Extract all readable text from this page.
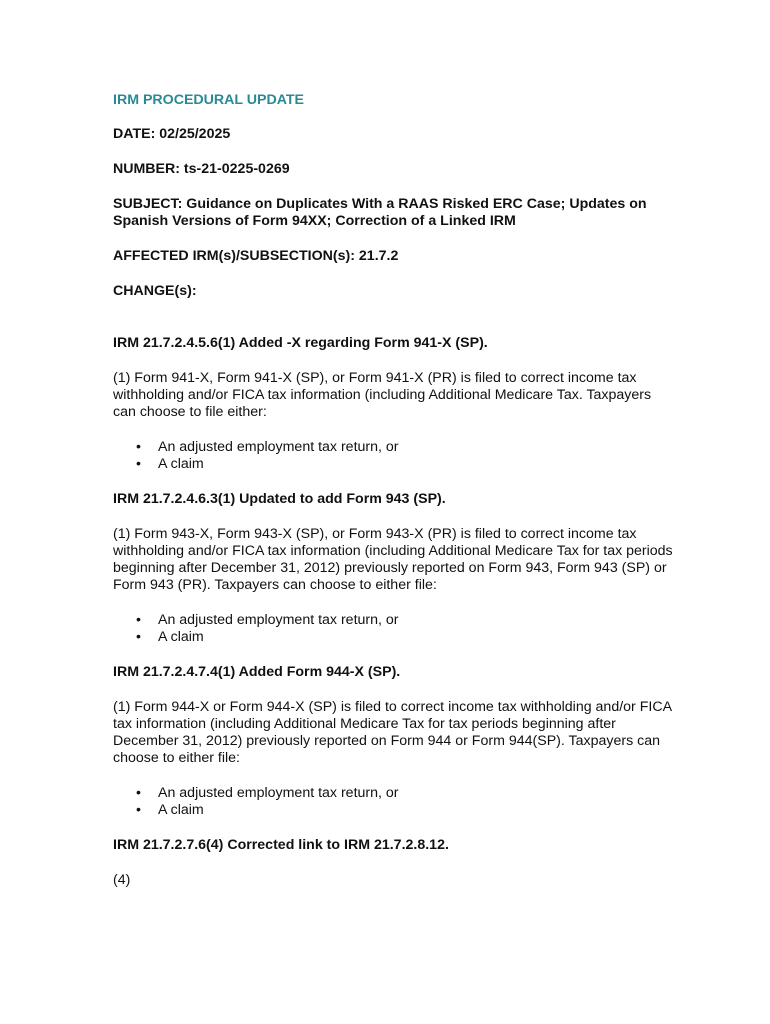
IRM PROCEDURAL UPDATE

DATE: 02/25/2025

NUMBER: ts-21-0225-0269

SUBJECT: Guidance on Duplicates With a RAAS Risked ERC Case; Updates on Spanish Versions of Form 94XX; Correction of a Linked IRM

AFFECTED IRM(s)/SUBSECTION(s): 21.7.2

CHANGE(s):

IRM 21.7.2.4.5.6(1) Added -X regarding Form 941-X (SP).

(1) Form 941-X, Form 941-X (SP), or Form 941-X (PR) is filed to correct income tax withholding and/or FICA tax information (including Additional Medicare Tax. Taxpayers can choose to file either:

• An adjusted employment tax return, or
• A claim

IRM 21.7.2.4.6.3(1) Updated to add Form 943 (SP).

(1) Form 943-X, Form 943-X (SP), or Form 943-X (PR) is filed to correct income tax withholding and/or FICA tax information (including Additional Medicare Tax for tax periods beginning after December 31, 2012) previously reported on Form 943, Form 943 (SP) or Form 943 (PR). Taxpayers can choose to either file:

• An adjusted employment tax return, or
• A claim

IRM 21.7.2.4.7.4(1) Added Form 944-X (SP).

(1) Form 944-X or Form 944-X (SP) is filed to correct income tax withholding and/or FICA tax information (including Additional Medicare Tax for tax periods beginning after December 31, 2012) previously reported on Form 944 or Form 944(SP). Taxpayers can choose to either file:

• An adjusted employment tax return, or
• A claim

IRM 21.7.2.7.6(4) Corrected link to IRM 21.7.2.8.12.

(4)
